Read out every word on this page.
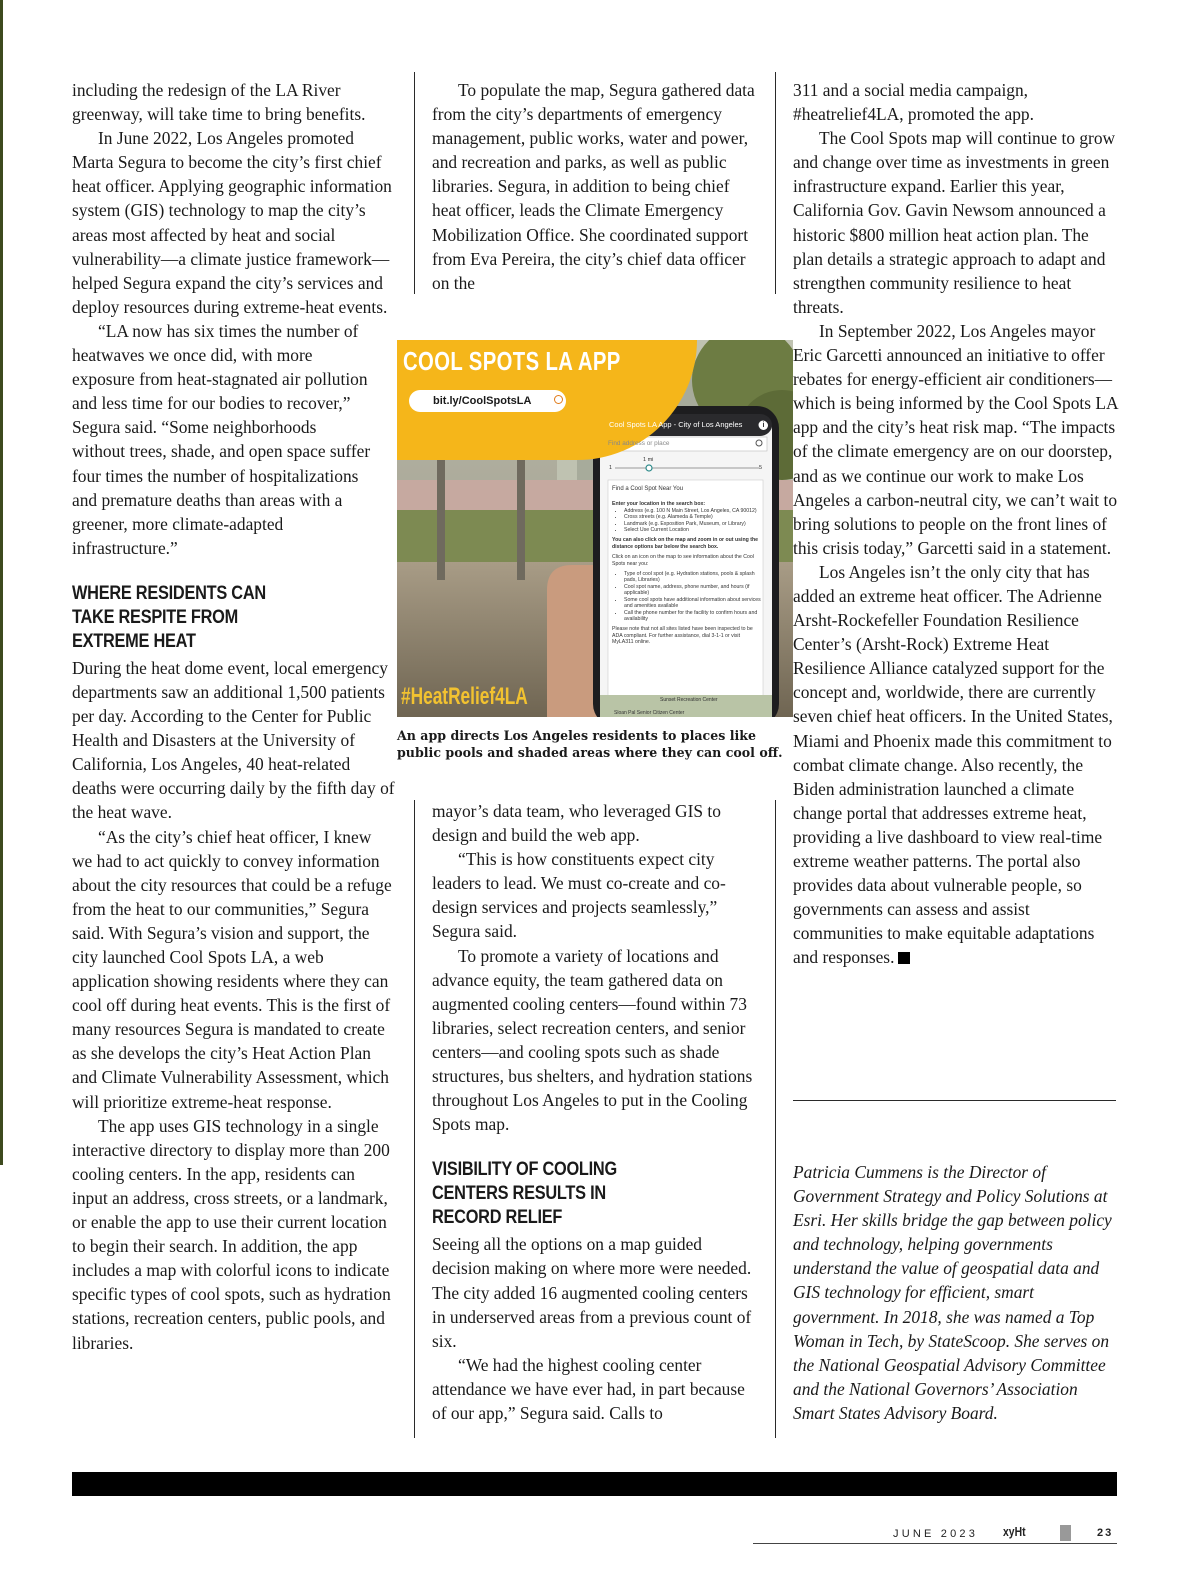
including the redesign of the LA River greenway, will take time to bring benefits.

In June 2022, Los Angeles promoted Marta Segura to become the city’s first chief heat officer. Applying geographic information system (GIS) technology to map the city’s areas most affected by heat and social vulnerability—a climate justice framework—helped Segura expand the city’s services and deploy resources during extreme-heat events.

“LA now has six times the number of heatwaves we once did, with more exposure from heat-stagnated air pollution and less time for our bodies to recover,” Segura said. “Some neighborhoods without trees, shade, and open space suffer four times the number of hospitalizations and premature deaths than areas with a greener, more climate-adapted infrastructure.”

WHERE RESIDENTS CAN TAKE RESPITE FROM EXTREME HEAT

During the heat dome event, local emergency departments saw an additional 1,500 patients per day. According to the Center for Public Health and Disasters at the University of California, Los Angeles, 40 heat-related deaths were occurring daily by the fifth day of the heat wave.

“As the city’s chief heat officer, I knew we had to act quickly to convey information about the city resources that could be a refuge from the heat to our communities,” Segura said. With Segura’s vision and support, the city launched Cool Spots LA, a web application showing residents where they can cool off during heat events. This is the first of many resources Segura is mandated to create as she develops the city’s Heat Action Plan and Climate Vulnerability Assessment, which will prioritize extreme-heat response.

The app uses GIS technology in a single interactive directory to display more than 200 cooling centers. In the app, residents can input an address, cross streets, or a landmark, or enable the app to use their current location to begin their search. In addition, the app includes a map with colorful icons to indicate specific types of cool spots, such as hydration stations, recreation centers, public pools, and libraries.

To populate the map, Segura gathered data from the city’s departments of emergency management, public works, water and power, and recreation and parks, as well as public libraries. Segura, in addition to being chief heat officer, leads the Climate Emergency Mobilization Office. She coordinated support from Eva Pereira, the city’s chief data officer on the

COOL SPOTS LA APP
bit.ly/CoolSpotsLA
#HeatRelief4LA
Cool Spots LA App - City of Los Angeles	i
Find address or place
1 mi
1	5
Find a Cool Spot Near You
Enter your location in the search box:
• Address (e.g. 100 N Main Street, Los Angeles, CA 90012)
• Cross streets (e.g. Alameda & Temple)
• Landmark (e.g. Exposition Park, Museum, or Library)
• Select Use Current Location
You can also click on the map and zoom in or out using the distance options bar below the search box.
Click on an icon on the map to see information about the Cool Spots near you:
• Type of cool spot (e.g. Hydration stations, pools & splash pads, Libraries)
• Cool spot name, address, phone number, and hours (if applicable)
• Some cool spots have additional information about services and amenities available
• Call the phone number for the facility to confirm hours and availability
Please note that not all sites listed have been inspected to be ADA compliant. For further assistance, dial 3-1-1 or visit MyLA311 online.
Sunset Recreation Center
Sloan Pal Senior Citizen Center

An app directs Los Angeles residents to places like public pools and shaded areas where they can cool off.

mayor’s data team, who leveraged GIS to design and build the web app.

“This is how constituents expect city leaders to lead. We must co-create and co-design services and projects seamlessly,” Segura said.

To promote a variety of locations and advance equity, the team gathered data on augmented cooling centers—found within 73 libraries, select recreation centers, and senior centers—and cooling spots such as shade structures, bus shelters, and hydration stations throughout Los Angeles to put in the Cooling Spots map.

VISIBILITY OF COOLING CENTERS RESULTS IN RECORD RELIEF

Seeing all the options on a map guided decision making on where more were needed. The city added 16 augmented cooling centers in underserved areas from a previous count of six.

“We had the highest cooling center attendance we have ever had, in part because of our app,” Segura said. Calls to

311 and a social media campaign, #heatrelief4LA, promoted the app.

The Cool Spots map will continue to grow and change over time as investments in green infrastructure expand. Earlier this year, California Gov. Gavin Newsom announced a historic $800 million heat action plan. The plan details a strategic approach to adapt and strengthen community resilience to heat threats.

In September 2022, Los Angeles mayor Eric Garcetti announced an initiative to offer rebates for energy-efficient air conditioners—which is being informed by the Cool Spots LA app and the city’s heat risk map. “The impacts of the climate emergency are on our doorstep, and as we continue our work to make Los Angeles a carbon-neutral city, we can’t wait to bring solutions to people on the front lines of this crisis today,” Garcetti said in a statement.

Los Angeles isn’t the only city that has added an extreme heat officer. The Adrienne Arsht-Rockefeller Foundation Resilience Center’s (Arsht-Rock) Extreme Heat Resilience Alliance catalyzed support for the concept and, worldwide, there are currently seven chief heat officers. In the United States, Miami and Phoenix made this commitment to combat climate change. Also recently, the Biden administration launched a climate change portal that addresses extreme heat, providing a live dashboard to view real-time extreme weather patterns. The portal also provides data about vulnerable people, so governments can assess and assist communities to make equitable adaptations and responses.

Patricia Cummens is the Director of Government Strategy and Policy Solutions at Esri. Her skills bridge the gap between policy and technology, helping governments understand the value of geospatial data and GIS technology for efficient, smart government. In 2018, she was named a Top Woman in Tech, by StateScoop. She serves on the National Geospatial Advisory Committee and the National Governors’ Association Smart States Advisory Board.

JUNE 2023 xyHt	23
